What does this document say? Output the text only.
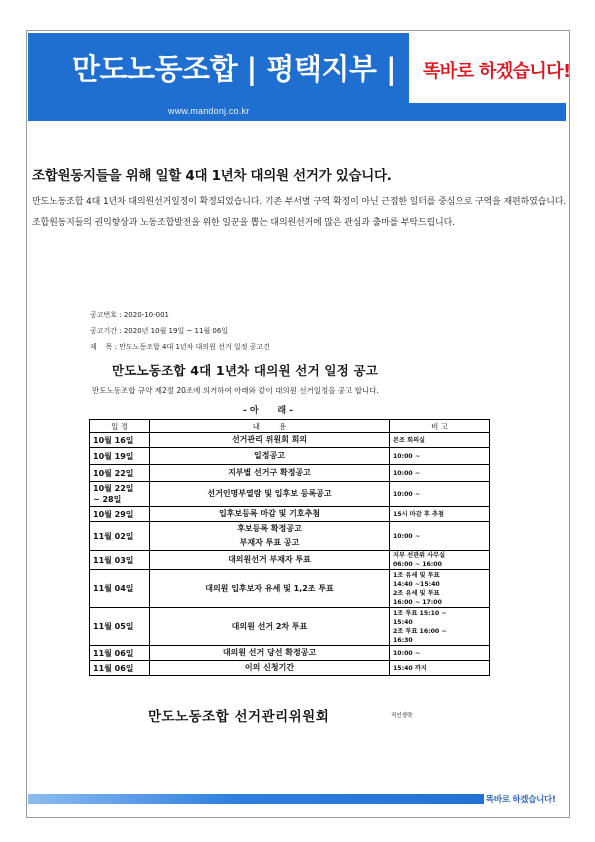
만도노동조합 | 평택지부 |
www.mandonj.co.kr
똑바로 하겠습니다!
조합원동지들을 위해 일할 4대 1년차 대의원 선거가 있습니다.
만도노동조합 4대 1년차 대의원선거일정이 확정되었습니다. 기존 부서별 구역 확정이 아닌 근접한 일터를 중심으로 구역을 재편하였습니다. 조합원동지들의 권익향상과 노동조합발전을 위한 일꾼을 뽑는 대의원선거에 많은 관심과 출마를 부탁드립니다.
공고번호 : 2020-10-001
공고기간 : 2020년 10월 19일 ~ 11월 06일
제    목 : 만도노동조합 4대 1년차 대의원 선거 일정 공고건
만도노동조합 4대 1년차 대의원 선거 일정 공고
만도노동조합 규약 제2절 20조에 의거하여 아래와 같이 대의원 선거일정을 공고 합니다.
- 아      래 -
일 정	내        용	비 고
10월 16일	선거관리 위원회 회의	본조 회의실
10월 19일	일정공고	10:00 ~
10월 22일	지부별 선거구 확정공고	10:00 ~
10월 22일
~ 28일	선거인명부열람 및 입후보 등록공고	10:00 ~
10월 29일	입후보등록 마감 및 기호추첨	15시 마감 후 추첨
11월 02일	후보등록 확정공고
부재자 투표 공고	10:00 ~
11월 03일	대의원선거 부재자 투표	지부 선관위 사무실
06:00 ~ 16:00
11월 04일	대의원 입후보자 유세 및 1,2조 투표	1조 유세 및 투표
14:40 ~15:40
2조 유세 및 투표
16:00 ~ 17:00
11월 05일	대의원 선거 2차 투표	1조 투표 15:10 ~
15:40
2조 투표 16:00 ~
16:30
11월 06일	대의원 선거 당선 확정공고	10:00 ~
11월 06일	이의 신청기간	15:40 까지
만도노동조합 선거관리위원회	직인생략
똑바로 하겠습니다!
